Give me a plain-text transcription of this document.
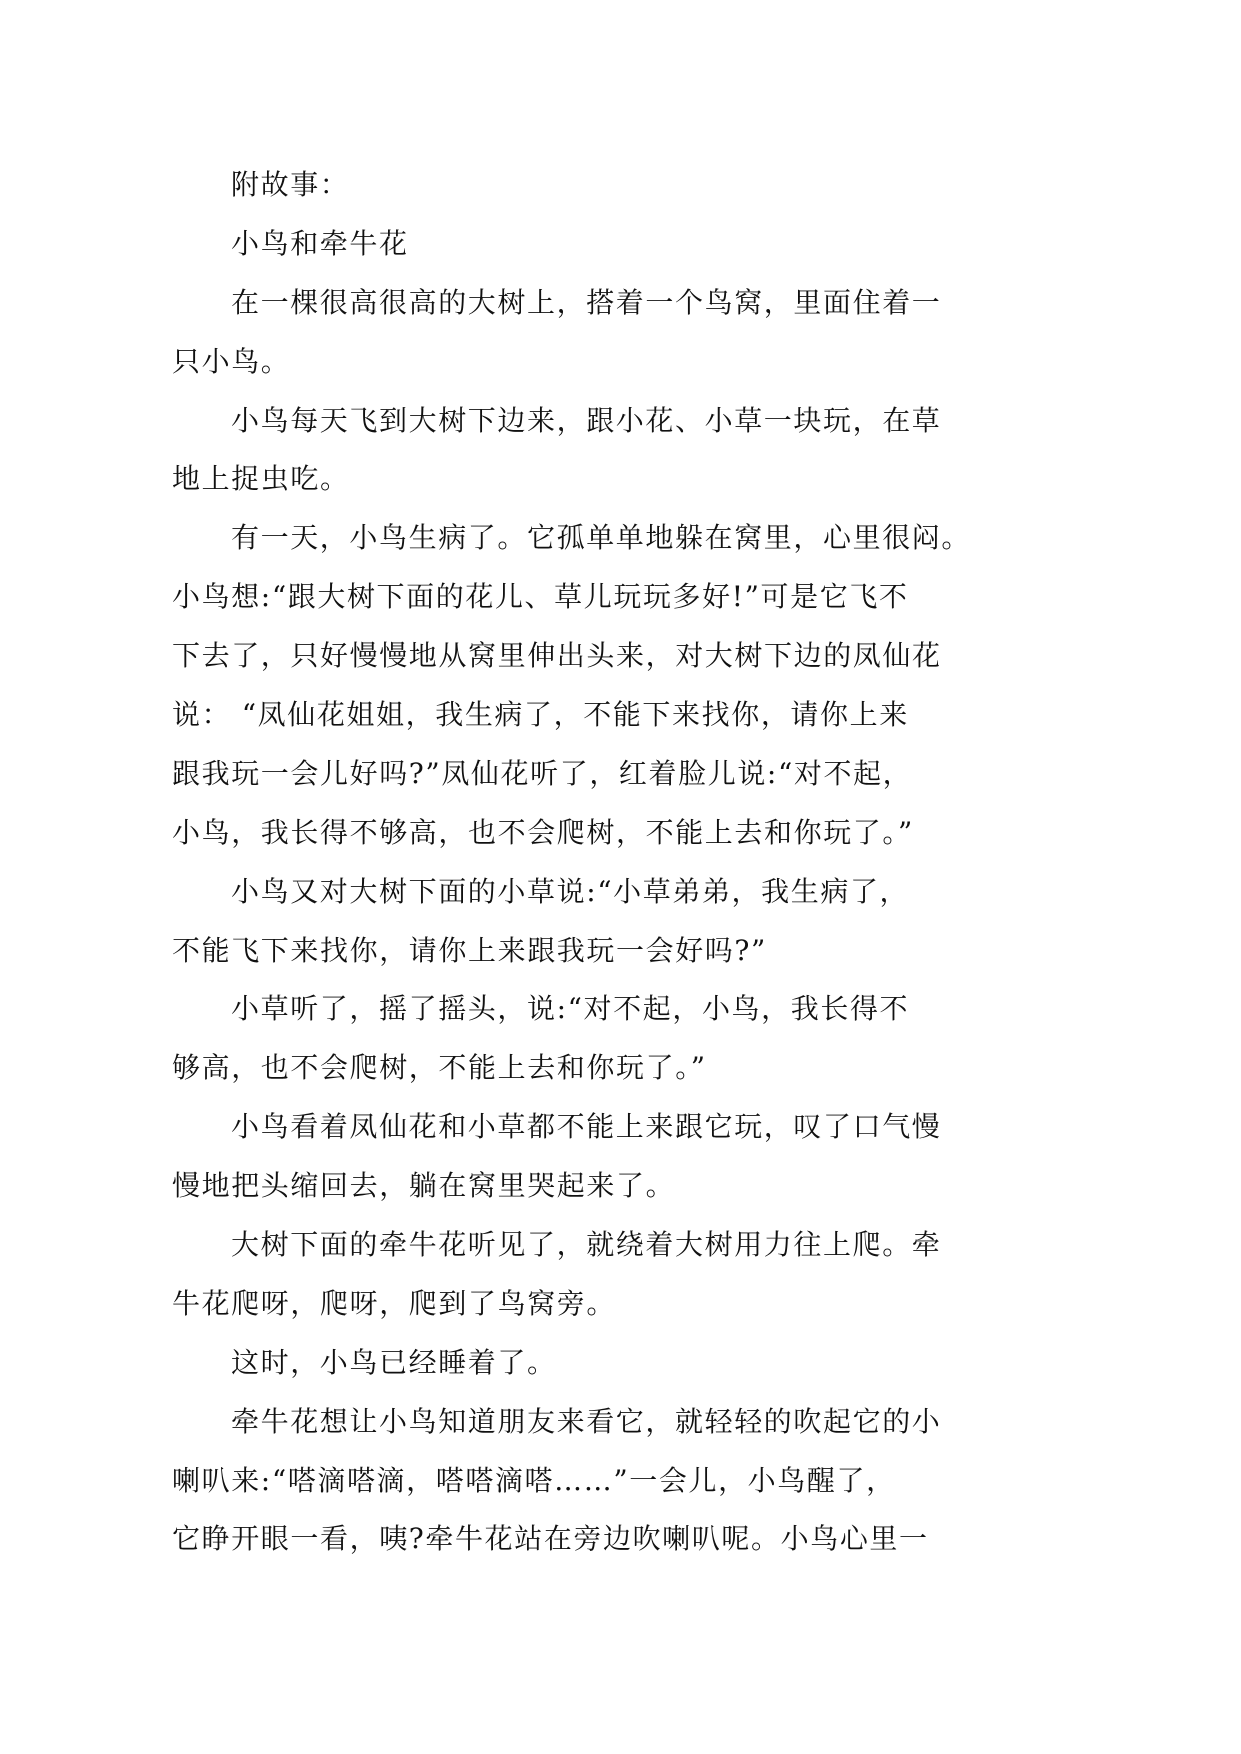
附故事：
小鸟和牵牛花
在一棵很高很高的大树上，搭着一个鸟窝，里面住着一
只小鸟。
小鸟每天飞到大树下边来，跟小花、小草一块玩，在草
地上捉虫吃。
有一天，小鸟生病了。它孤单单地躲在窝里，心里很闷。
小鸟想:“跟大树下面的花儿、草儿玩玩多好!”可是它飞不
下去了，只好慢慢地从窝里伸出头来，对大树下边的凤仙花
说： “凤仙花姐姐，我生病了，不能下来找你，请你上来
跟我玩一会儿好吗?”凤仙花听了，红着脸儿说:“对不起，
小鸟，我长得不够高，也不会爬树，不能上去和你玩了。”
小鸟又对大树下面的小草说:“小草弟弟，我生病了，
不能飞下来找你，请你上来跟我玩一会好吗?”
小草听了，摇了摇头，说:“对不起，小鸟，我长得不
够高，也不会爬树，不能上去和你玩了。”
小鸟看着凤仙花和小草都不能上来跟它玩，叹了口气慢
慢地把头缩回去，躺在窝里哭起来了。
大树下面的牵牛花听见了，就绕着大树用力往上爬。牵
牛花爬呀，爬呀，爬到了鸟窝旁。
这时，小鸟已经睡着了。
牵牛花想让小鸟知道朋友来看它，就轻轻的吹起它的小
喇叭来:“嗒滴嗒滴，嗒嗒滴嗒……”一会儿，小鸟醒了，
它睁开眼一看，咦?牵牛花站在旁边吹喇叭呢。小鸟心里一
